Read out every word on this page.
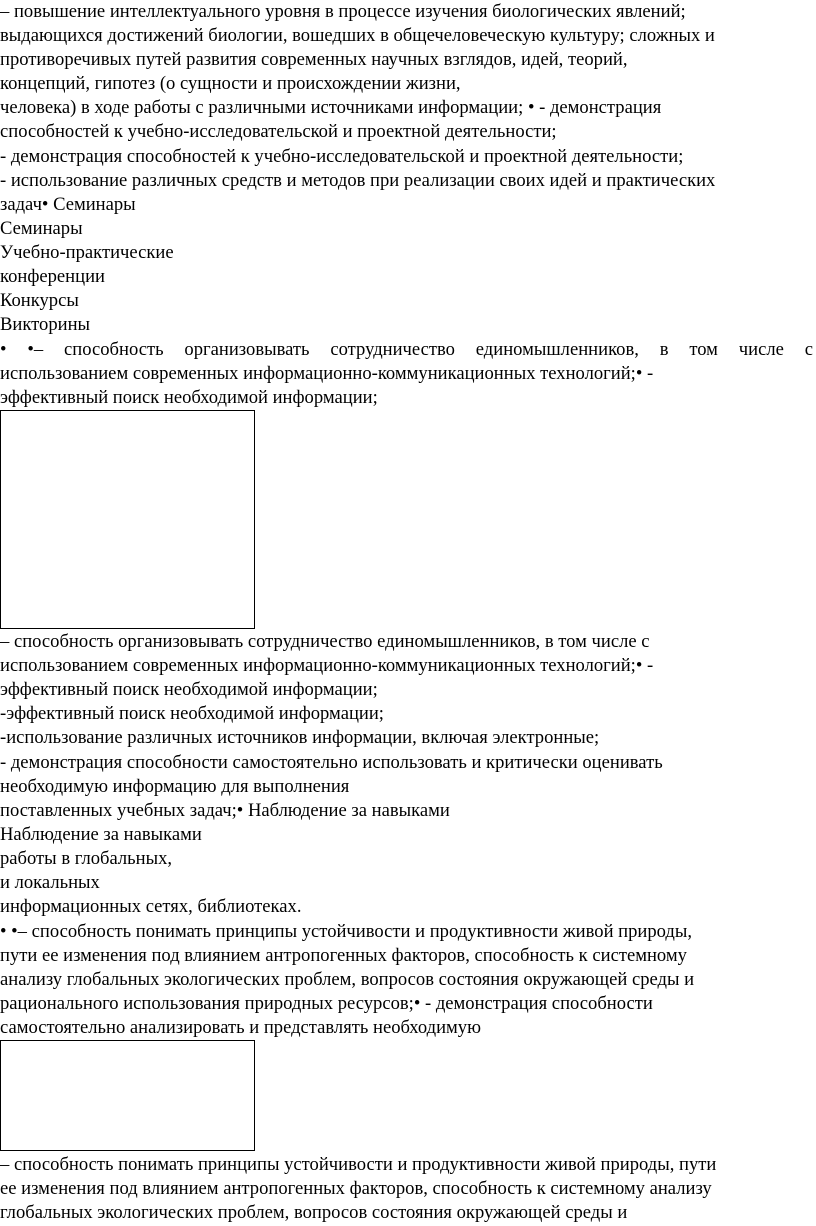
‒ повышение интеллектуального уровня в процессе изучения биологических явлений;
выдающихся достижений биологии, вошедших в общечеловеческую культуру; сложных и
противоречивых путей развития современных научных взглядов, идей, теорий,
концепций, гипотез (о сущности и происхождении жизни,
человека) в ходе работы с различными источниками информации; • - демонстрация
способностей к учебно-исследовательской и проектной деятельности;
- демонстрация способностей к учебно-исследовательской и проектной деятельности;
- использование различных средств и методов при реализации своих идей и практических
задач• Семинары
Семинары
Учебно-практические
конференции
Конкурсы
Викторины
• •‒ способность организовывать сотрудничество единомышленников, в том числе с
использованием современных информационно-коммуникационных технологий;• -
эффективный поиск необходимой информации;
‒ способность организовывать сотрудничество единомышленников, в том числе с
использованием современных информационно-коммуникационных технологий;• -
эффективный поиск необходимой информации;
-эффективный поиск необходимой информации;
-использование различных источников информации, включая электронные;
- демонстрация способности самостоятельно использовать и критически оценивать
необходимую информацию для выполнения
поставленных учебных задач;• Наблюдение за навыками
Наблюдение за навыками
работы в глобальных,
и локальных
информационных сетях, библиотеках.
• •‒ способность понимать принципы устойчивости и продуктивности живой природы,
пути ее изменения под влиянием антропогенных факторов, способность к системному
анализу глобальных экологических проблем, вопросов состояния окружающей среды и
рационального использования природных ресурсов;• - демонстрация способности
самостоятельно анализировать и представлять необходимую
‒ способность понимать принципы устойчивости и продуктивности живой природы, пути
ее изменения под влиянием антропогенных факторов, способность к системному анализу
глобальных экологических проблем, вопросов состояния окружающей среды и
